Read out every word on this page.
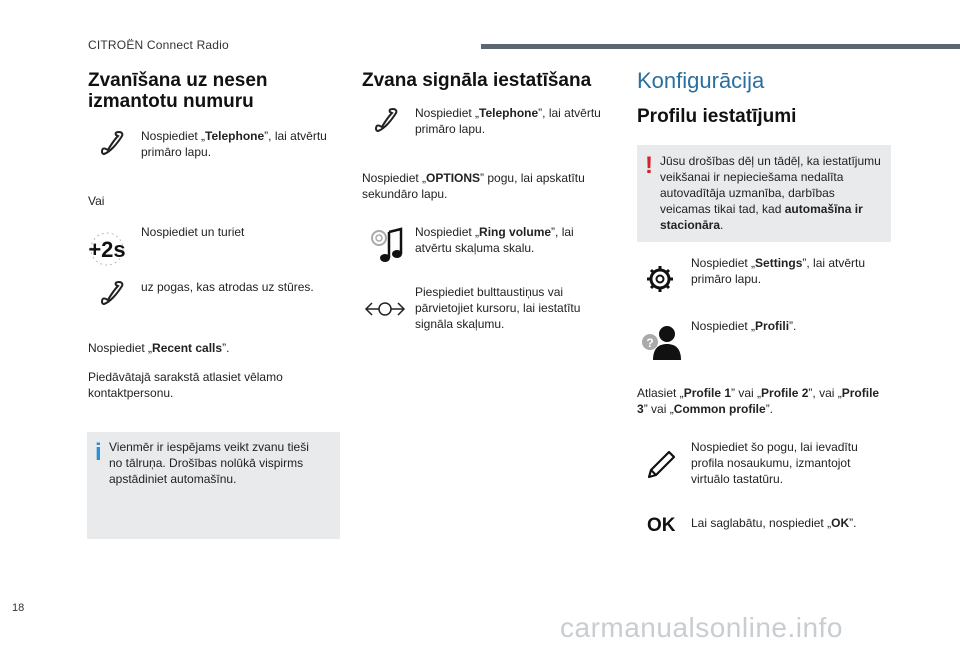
CITROËN Connect Radio
Zvanīšana uz nesen izmantotu numuru
Nospiediet „Telephone”, lai atvērtu primāro lapu.
Vai
+2s
Nospiediet un turiet
uz pogas, kas atrodas uz stūres.
Nospiediet „Recent calls”.
Piedāvātajā sarakstā atlasiet vēlamo kontaktpersonu.
i Vienmēr ir iespējams veikt zvanu tieši no tālruņa. Drošības nolūkā vispirms apstādiniet automašīnu.
Zvana signāla iestatīšana
Nospiediet „Telephone”, lai atvērtu primāro lapu.
Nospiediet „OPTIONS” pogu, lai apskatītu sekundāro lapu.
Nospiediet „Ring volume”, lai atvērtu skaļuma skalu.
Piespiediet bulttaustiņus vai pārvietojiet kursoru, lai iestatītu signāla skaļumu.
Konfigurācija
Profilu iestatījumi
! Jūsu drošības dēļ un tādēļ, ka iestatījumu veikšanai ir nepieciešama nedalīta autovadītāja uzmanība, darbības veicamas tikai tad, kad automašīna ir stacionāra.
Nospiediet „Settings”, lai atvērtu primāro lapu.
?
Nospiediet „Profili”.
Atlasiet „Profile 1” vai „Profile 2”, vai „Profile 3” vai „Common profile”.
Nospiediet šo pogu, lai ievadītu profila nosaukumu, izmantojot virtuālo tastatūru.
OK Lai saglabātu, nospiediet „OK”.
18
carmanualsonline.info
